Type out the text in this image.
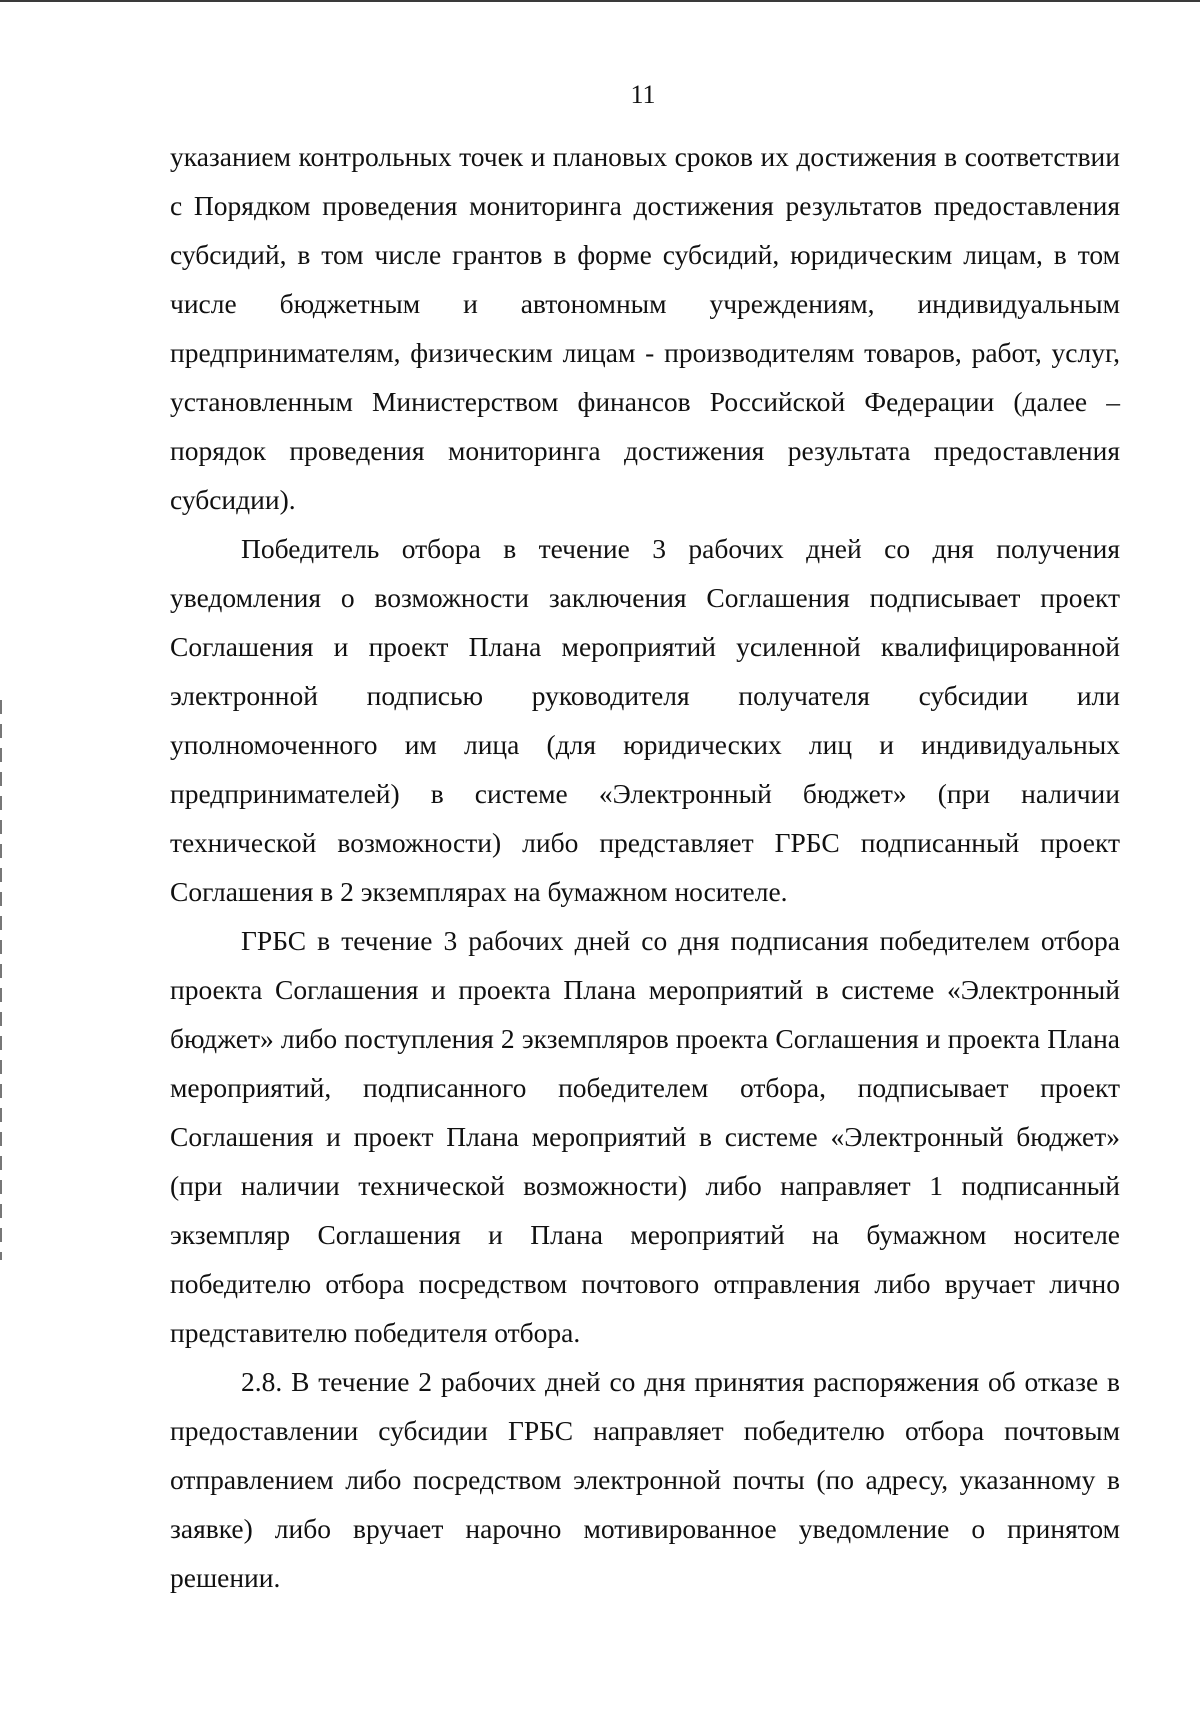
11

указанием контрольных точек и плановых сроков их достижения в соответствии с Порядком проведения мониторинга достижения результатов предоставления субсидий, в том числе грантов в форме субсидий, юридическим лицам, в том числе бюджетным и автономным учреждениям, индивидуальным предпринимателям, физическим лицам - производителям товаров, работ, услуг, установленным Министерством финансов Российской Федерации (далее – порядок проведения мониторинга достижения результата предоставления субсидии).

Победитель отбора в течение 3 рабочих дней со дня получения уведомления о возможности заключения Соглашения подписывает проект Соглашения и проект Плана мероприятий усиленной квалифицированной электронной подписью руководителя получателя субсидии или уполномоченного им лица (для юридических лиц и индивидуальных предпринимателей) в системе «Электронный бюджет» (при наличии технической возможности) либо представляет ГРБС подписанный проект Соглашения в 2 экземплярах на бумажном носителе.

ГРБС в течение 3 рабочих дней со дня подписания победителем отбора проекта Соглашения и проекта Плана мероприятий в системе «Электронный бюджет» либо поступления 2 экземпляров проекта Соглашения и проекта Плана мероприятий, подписанного победителем отбора, подписывает проект Соглашения и проект Плана мероприятий в системе «Электронный бюджет» (при наличии технической возможности) либо направляет 1 подписанный экземпляр Соглашения и Плана мероприятий на бумажном носителе победителю отбора посредством почтового отправления либо вручает лично представителю победителя отбора.

2.8. В течение 2 рабочих дней со дня принятия распоряжения об отказе в предоставлении субсидии ГРБС направляет победителю отбора почтовым отправлением либо посредством электронной почты (по адресу, указанному в заявке) либо вручает нарочно мотивированное уведомление о принятом решении.
